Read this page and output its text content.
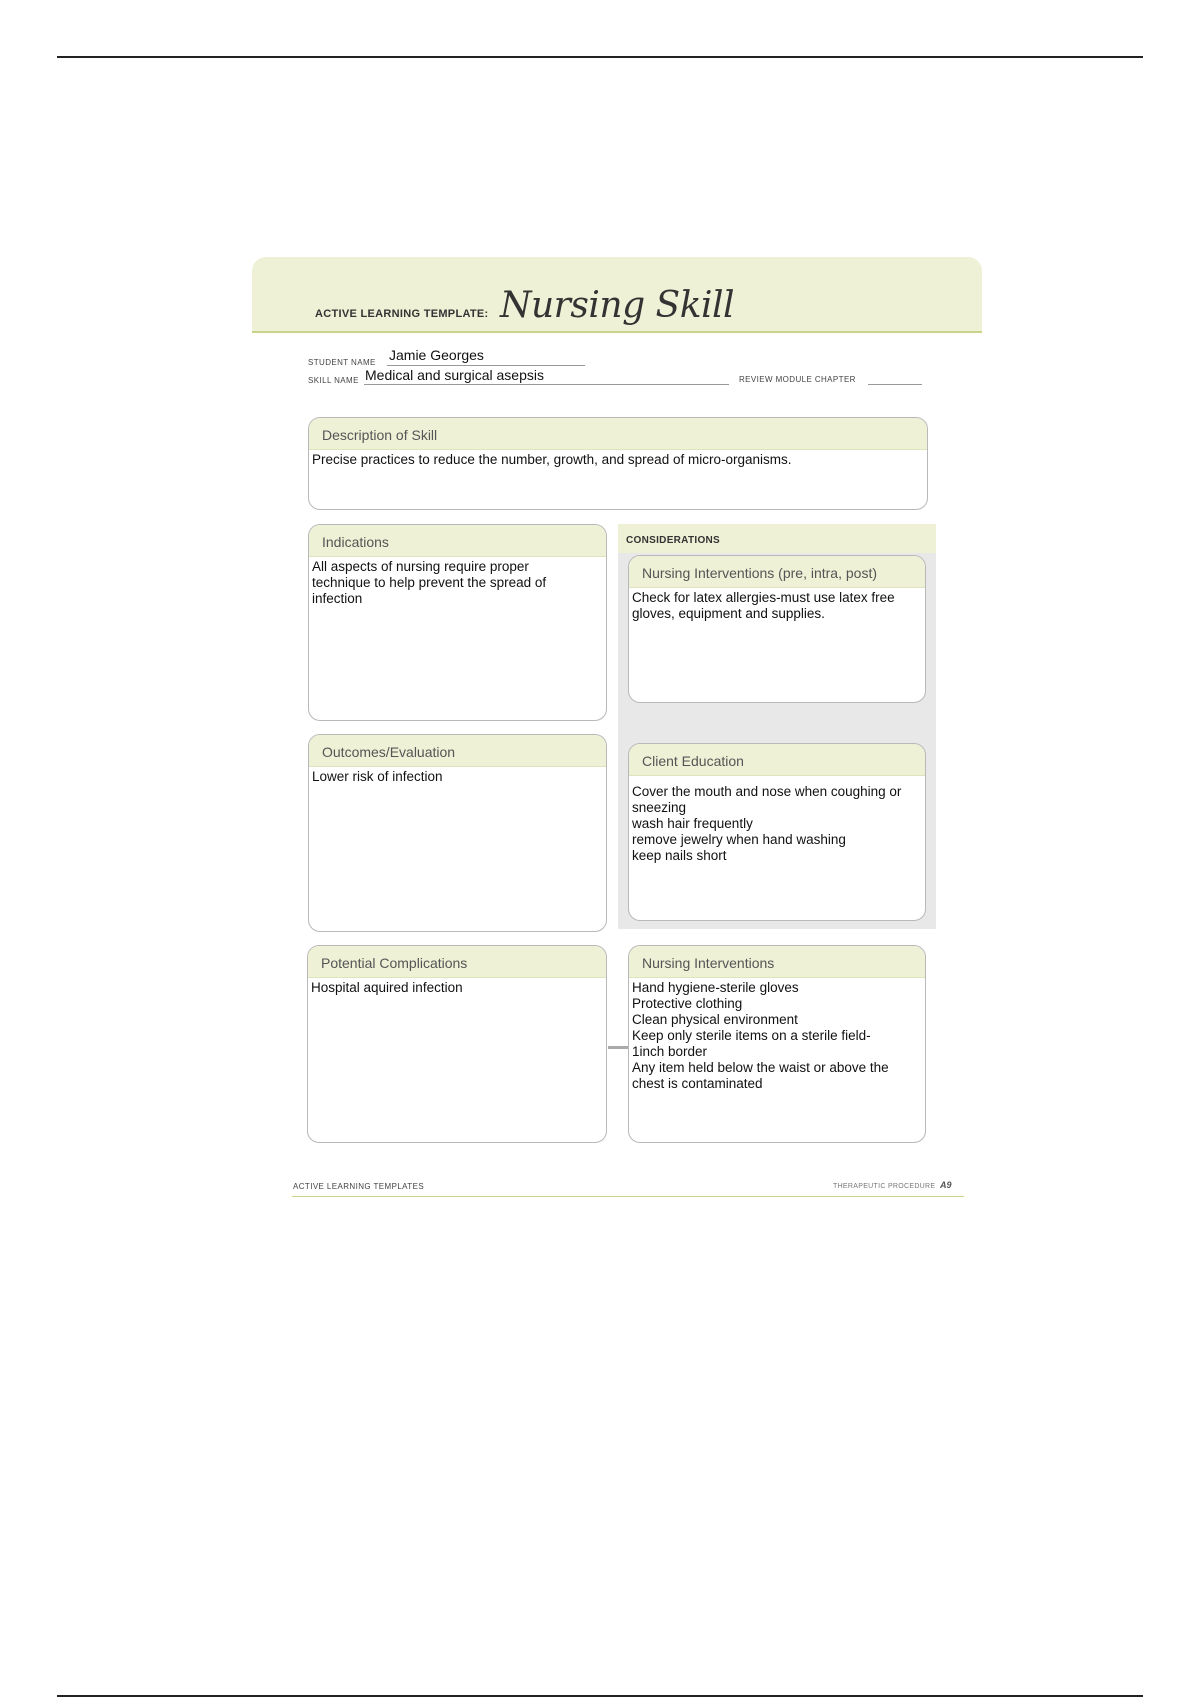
ACTIVE LEARNING TEMPLATE: Nursing Skill
STUDENT NAME Jamie Georges
SKILL NAME Medical and surgical asepsis	REVIEW MODULE CHAPTER
Description of Skill
Precise practices to reduce the number, growth, and spread of micro-organisms.
CONSIDERATIONS
Indications
All aspects of nursing require proper
technique to help prevent the spread of
infection
Nursing Interventions (pre, intra, post)
Check for latex allergies-must use latex free
gloves, equipment and supplies.
Outcomes/Evaluation
Lower risk of infection
Client Education
Cover the mouth and nose when coughing or
sneezing
wash hair frequently
remove jewelry when hand washing
keep nails short
Potential Complications
Hospital aquired infection
Nursing Interventions
Hand hygiene-sterile gloves
Protective clothing
Clean physical environment
Keep only sterile items on a sterile field-
1inch border
Any item held below the waist or above the
chest is contaminated
ACTIVE LEARNING TEMPLATES	THERAPEUTIC PROCEDURE A9
